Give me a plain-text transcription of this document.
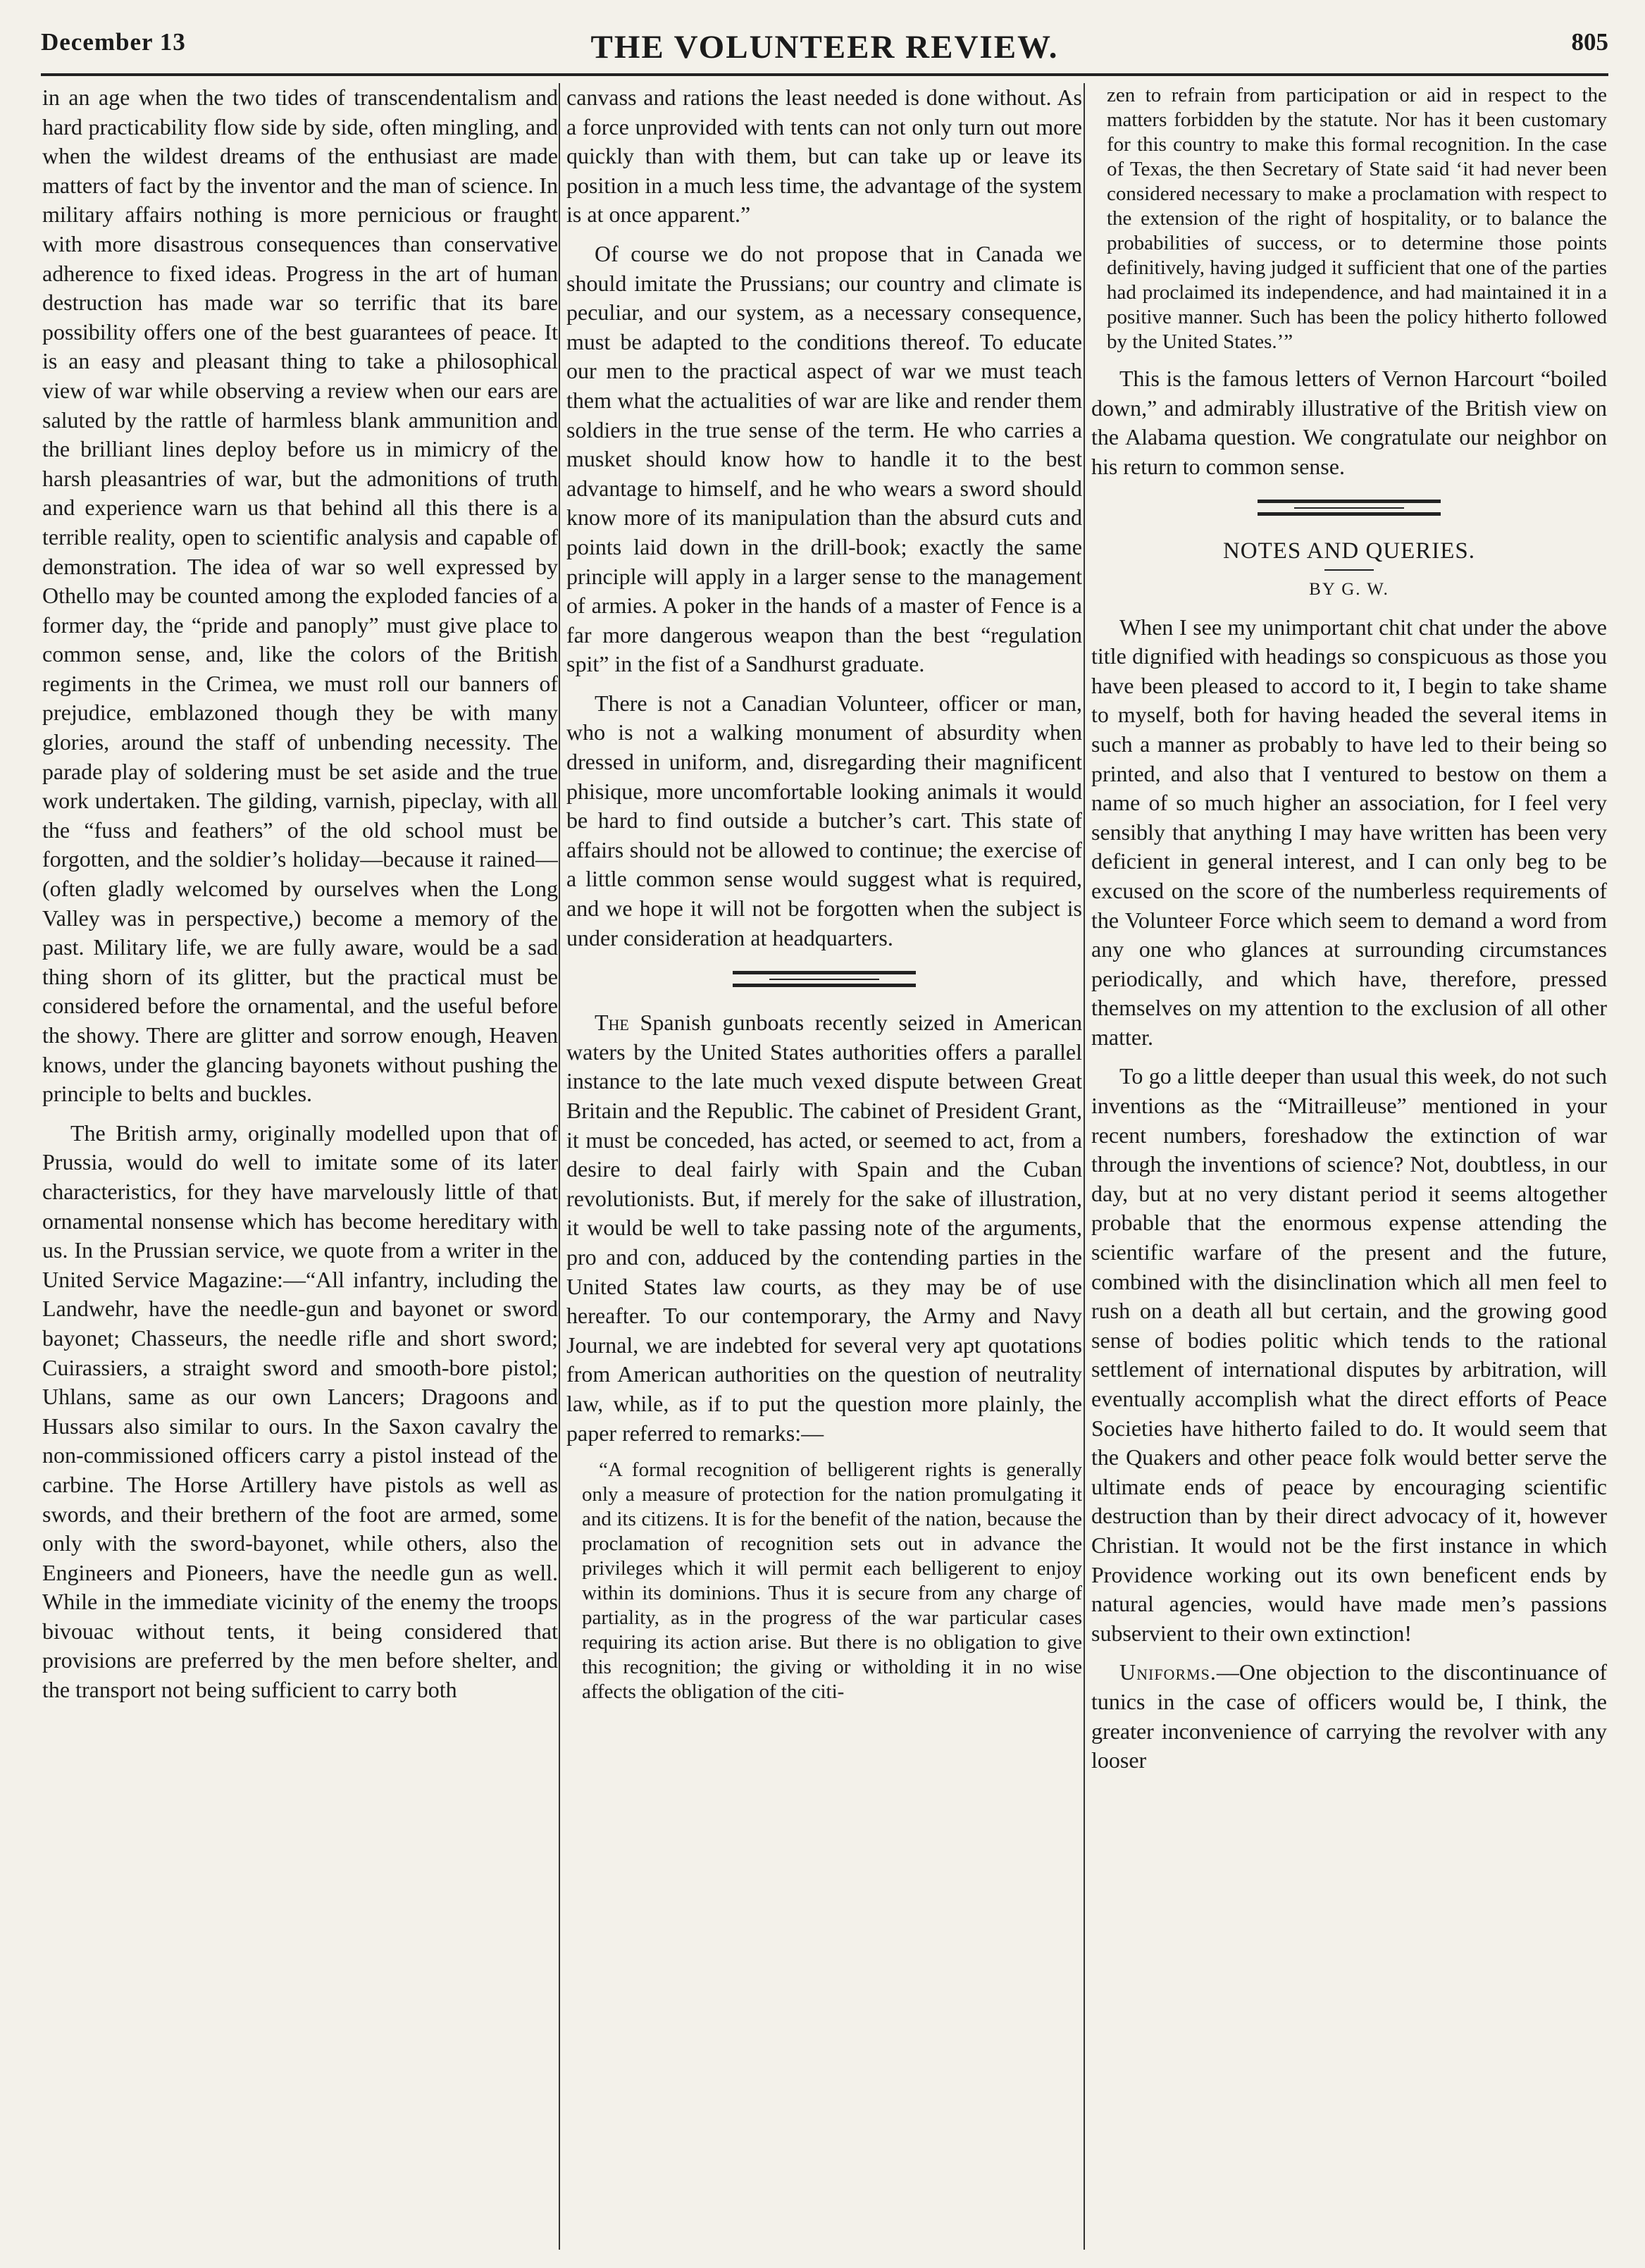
December 13	THE VOLUNTEER REVIEW.	805

in an age when the two tides of transcendentalism and hard practicability flow side by side, often mingling, and when the wildest dreams of the enthusiast are made matters of fact by the inventor and the man of science. In military affairs nothing is more pernicious or fraught with more disastrous consequences than conservative adherence to fixed ideas. Progress in the art of human destruction has made war so terrific that its bare possibility offers one of the best guarantees of peace. It is an easy and pleasant thing to take a philosophical view of war while observing a review when our ears are saluted by the rattle of harmless blank ammunition and the brilliant lines deploy before us in mimicry of the harsh pleasantries of war, but the admonitions of truth and experience warn us that behind all this there is a terrible reality, open to scientific analysis and capable of demonstration. The idea of war so well expressed by Othello may be counted among the exploded fancies of a former day, the “pride and panoply” must give place to common sense, and, like the colors of the British regiments in the Crimea, we must roll our banners of prejudice, emblazoned though they be with many glories, around the staff of unbending necessity. The parade play of soldering must be set aside and the true work undertaken. The gilding, varnish, pipeclay, with all the “fuss and feathers” of the old school must be forgotten, and the soldier’s holiday—because it rained—(often gladly welcomed by ourselves when the Long Valley was in perspective,) become a memory of the past. Military life, we are fully aware, would be a sad thing shorn of its glitter, but the practical must be considered before the ornamental, and the useful before the showy. There are glitter and sorrow enough, Heaven knows, under the glancing bayonets without pushing the principle to belts and buckles.

The British army, originally modelled upon that of Prussia, would do well to imitate some of its later characteristics, for they have marvelously little of that ornamental nonsense which has become hereditary with us. In the Prussian service, we quote from a writer in the United Service Magazine:—“All infantry, including the Landwehr, have the needle-gun and bayonet or sword bayonet; Chasseurs, the needle rifle and short sword; Cuirassiers, a straight sword and smooth-bore pistol; Uhlans, same as our own Lancers; Dragoons and Hussars also similar to ours. In the Saxon cavalry the non-commissioned officers carry a pistol instead of the carbine. The Horse Artillery have pistols as well as swords, and their brethern of the foot are armed, some only with the sword-bayonet, while others, also the Engineers and Pioneers, have the needle gun as well. While in the immediate vicinity of the enemy the troops bivouac without tents, it being considered that provisions are preferred by the men before shelter, and the transport not being sufficient to carry both

canvass and rations the least needed is done without. As a force unprovided with tents can not only turn out more quickly than with them, but can take up or leave its position in a much less time, the advantage of the system is at once apparent.”

Of course we do not propose that in Canada we should imitate the Prussians; our country and climate is peculiar, and our system, as a necessary consequence, must be adapted to the conditions thereof. To educate our men to the practical aspect of war we must teach them what the actualities of war are like and render them soldiers in the true sense of the term. He who carries a musket should know how to handle it to the best advantage to himself, and he who wears a sword should know more of its manipulation than the absurd cuts and points laid down in the drill-book; exactly the same principle will apply in a larger sense to the management of armies. A poker in the hands of a master of Fence is a far more dangerous weapon than the best “regulation spit” in the fist of a Sandhurst graduate.

There is not a Canadian Volunteer, officer or man, who is not a walking monument of absurdity when dressed in uniform, and, disregarding their magnificent phisique, more uncomfortable looking animals it would be hard to find outside a butcher’s cart. This state of affairs should not be allowed to continue; the exercise of a little common sense would suggest what is required, and we hope it will not be forgotten when the subject is under consideration at headquarters.

The Spanish gunboats recently seized in American waters by the United States authorities offers a parallel instance to the late much vexed dispute between Great Britain and the Republic. The cabinet of President Grant, it must be conceded, has acted, or seemed to act, from a desire to deal fairly with Spain and the Cuban revolutionists. But, if merely for the sake of illustration, it would be well to take passing note of the arguments, pro and con, adduced by the contending parties in the United States law courts, as they may be of use hereafter. To our contemporary, the Army and Navy Journal, we are indebted for several very apt quotations from American authorities on the question of neutrality law, while, as if to put the question more plainly, the paper referred to remarks:—

“A formal recognition of belligerent rights is generally only a measure of protection for the nation promulgating it and its citizens. It is for the benefit of the nation, because the proclamation of recognition sets out in advance the privileges which it will permit each belligerent to enjoy within its dominions. Thus it is secure from any charge of partiality, as in the progress of the war particular cases requiring its action arise. But there is no obligation to give this recognition; the giving or witholding it in no wise affects the obligation of the citi-

zen to refrain from participation or aid in respect to the matters forbidden by the statute. Nor has it been customary for this country to make this formal recognition. In the case of Texas, the then Secretary of State said ‘it had never been considered necessary to make a proclamation with respect to the extension of the right of hospitality, or to balance the probabilities of success, or to determine those points definitively, having judged it sufficient that one of the parties had proclaimed its independence, and had maintained it in a positive manner. Such has been the policy hitherto followed by the United States.’”

This is the famous letters of Vernon Harcourt “boiled down,” and admirably illustrative of the British view on the Alabama question. We congratulate our neighbor on his return to common sense.

NOTES AND QUERIES.
BY G. W.

When I see my unimportant chit chat under the above title dignified with headings so conspicuous as those you have been pleased to accord to it, I begin to take shame to myself, both for having headed the several items in such a manner as probably to have led to their being so printed, and also that I ventured to bestow on them a name of so much higher an association, for I feel very sensibly that anything I may have written has been very deficient in general interest, and I can only beg to be excused on the score of the numberless requirements of the Volunteer Force which seem to demand a word from any one who glances at surrounding circumstances periodically, and which have, therefore, pressed themselves on my attention to the exclusion of all other matter.

To go a little deeper than usual this week, do not such inventions as the “Mitrailleuse” mentioned in your recent numbers, foreshadow the extinction of war through the inventions of science? Not, doubtless, in our day, but at no very distant period it seems altogether probable that the enormous expense attending the scientific warfare of the present and the future, combined with the disinclination which all men feel to rush on a death all but certain, and the growing good sense of bodies politic which tends to the rational settlement of international disputes by arbitration, will eventually accomplish what the direct efforts of Peace Societies have hitherto failed to do. It would seem that the Quakers and other peace folk would better serve the ultimate ends of peace by encouraging scientific destruction than by their direct advocacy of it, however Christian. It would not be the first instance in which Providence working out its own beneficent ends by natural agencies, would have made men’s passions subservient to their own extinction!

Uniforms.—One objection to the discontinuance of tunics in the case of officers would be, I think, the greater inconvenience of carrying the revolver with any looser
